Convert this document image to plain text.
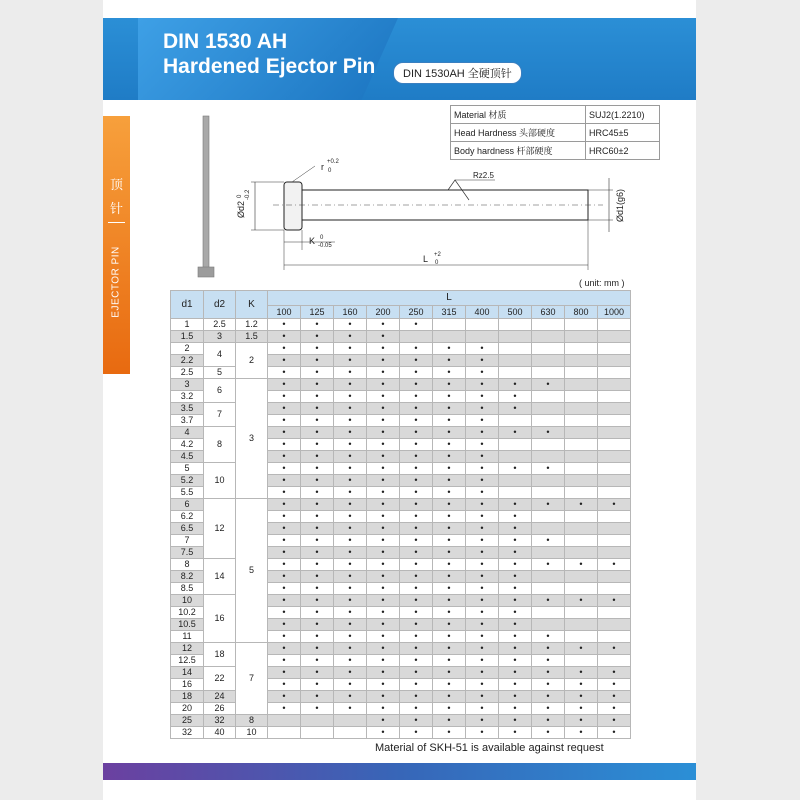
DIN 1530 AH
Hardened Ejector Pin	DIN 1530AH 全硬顶针
顶
针
EJECTOR PIN
Material 材质	SUJ2(1.2210)
Head Hardness 头部硬度	HRC45±5
Body hardness 杆部硬度	HRC60±2
r +0.2
0	Rz2.5
Ød2
0 -0.2	Ød1(g6)
K 0
-0.05
L +2
0
( unit: mm )
d1	d2	K	L										
			100	125	160	200	250	315	400	500	630	800	1000
1	2.5	1.2	•	•	•	•	•						
1.5	3	1.5	•	•	•	•							
2	4	2	•	•	•	•	•	•	•				
2.2			•	•	•	•	•	•	•				
2.5	5		•	•	•	•	•	•	•				
3	6	3	•	•	•	•	•	•	•	•	•		
3.2			•	•	•	•	•	•	•	•			
3.5	7		•	•	•	•	•	•	•	•			
3.7			•	•	•	•	•	•	•				
4	8		•	•	•	•	•	•	•	•	•		
4.2			•	•	•	•	•	•	•				
4.5			•	•	•	•	•	•	•				
5	10		•	•	•	•	•	•	•	•	•		
5.2			•	•	•	•	•	•	•				
5.5			•	•	•	•	•	•	•				
6	12	5	•	•	•	•	•	•	•	•	•	•	•
6.2			•	•	•	•	•	•	•	•			
6.5			•	•	•	•	•	•	•	•			
7			•	•	•	•	•	•	•	•	•		
7.5			•	•	•	•	•	•	•	•			
8	14		•	•	•	•	•	•	•	•	•	•	•
8.2			•	•	•	•	•	•	•	•			
8.5			•	•	•	•	•	•	•	•			
10	16		•	•	•	•	•	•	•	•	•	•	•
10.2			•	•	•	•	•	•	•	•			
10.5			•	•	•	•	•	•	•	•			
11			•	•	•	•	•	•	•	•	•		
12	18	7	•	•	•	•	•	•	•	•	•	•	•
12.5			•	•	•	•	•	•	•	•	•		
14	22		•	•	•	•	•	•	•	•	•	•	•
16			•	•	•	•	•	•	•	•	•	•	•
18	24		•	•	•	•	•	•	•	•	•	•	•
20	26		•	•	•	•	•	•	•	•	•	•	•
25	32	8				•	•	•	•	•	•	•	•
32	40	10				•	•	•	•	•	•	•	•
Material of SKH-51 is available against request
